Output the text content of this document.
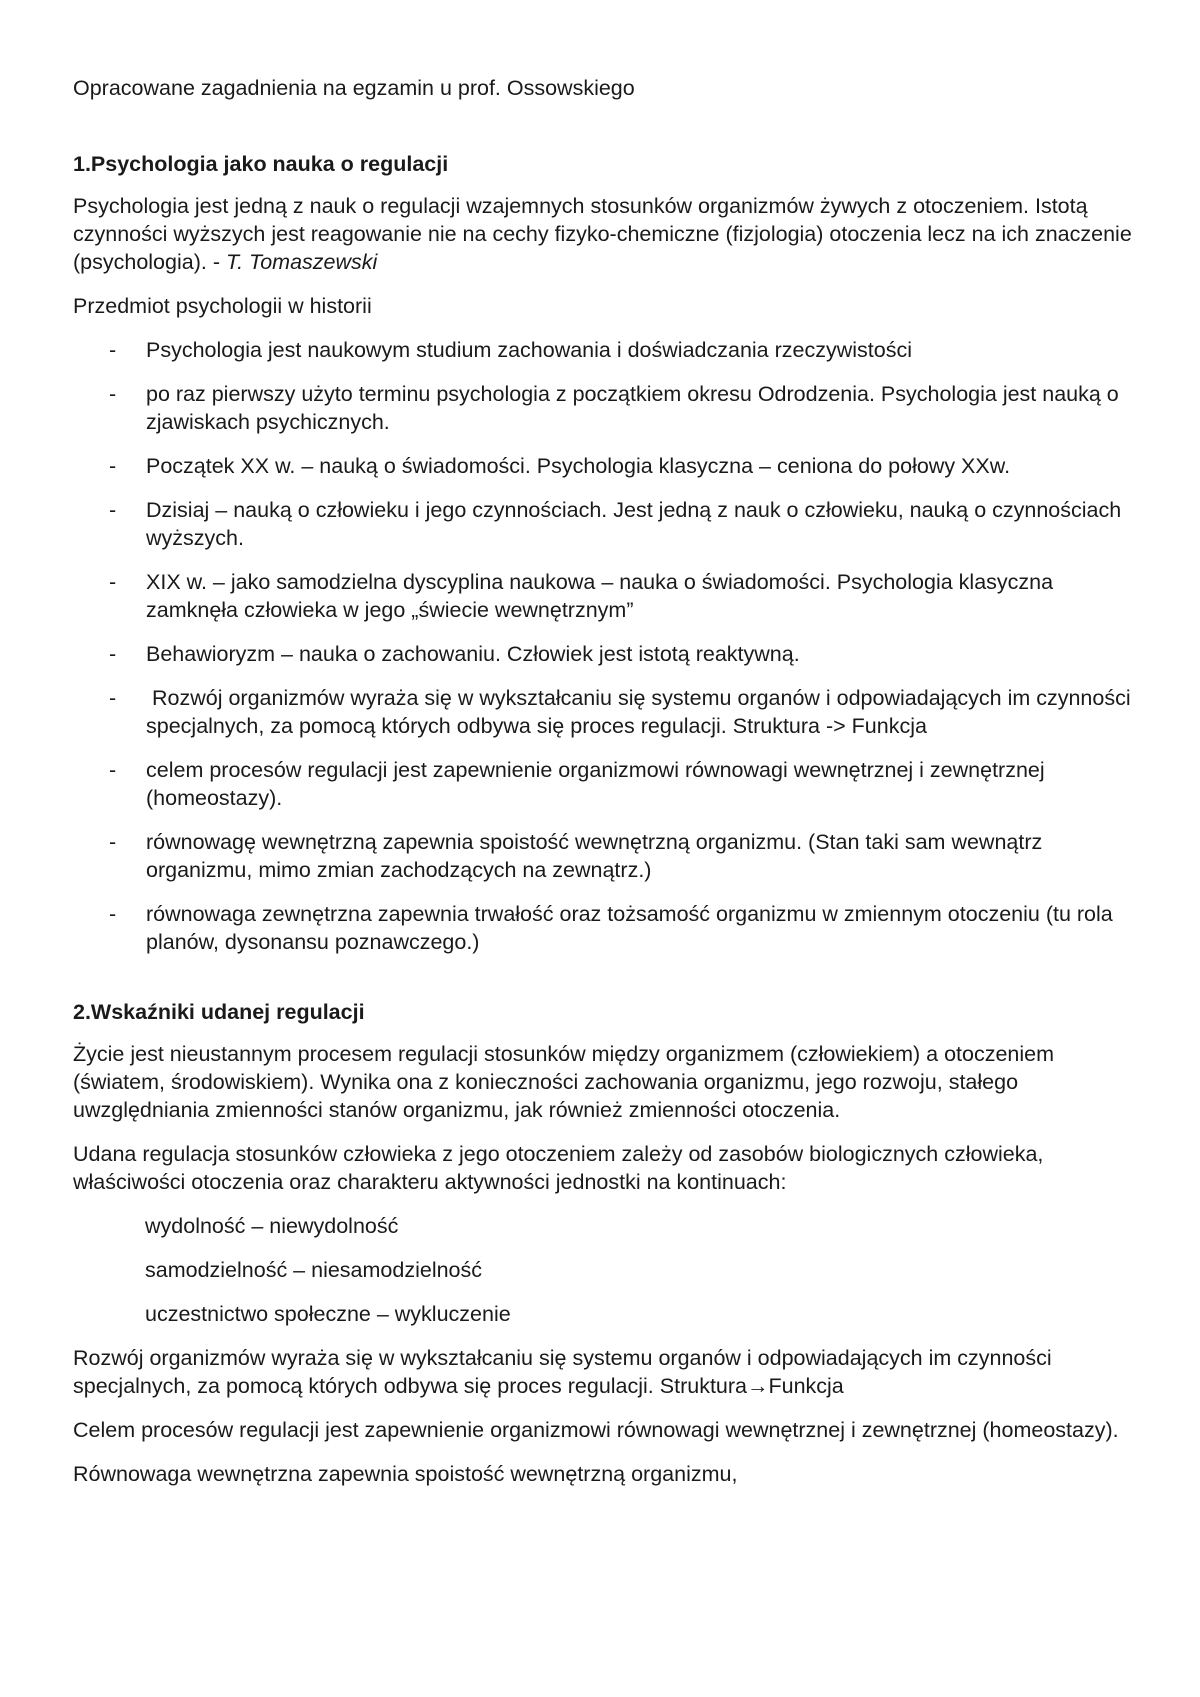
Opracowane zagadnienia na egzamin u prof. Ossowskiego

1.Psychologia jako nauka o regulacji

Psychologia jest jedną z nauk o regulacji wzajemnych stosunków organizmów żywych z otoczeniem. Istotą czynności wyższych jest reagowanie nie na cechy fizyko-chemiczne (fizjologia) otoczenia lecz na ich znaczenie (psychologia). - T. Tomaszewski

Przedmiot psychologii w historii

- Psychologia jest naukowym studium zachowania i doświadczania rzeczywistości
- po raz pierwszy użyto terminu psychologia z początkiem okresu Odrodzenia. Psychologia jest nauką o zjawiskach psychicznych.
- Początek XX w. – nauką o świadomości. Psychologia klasyczna – ceniona do połowy XXw.
- Dzisiaj – nauką o człowieku i jego czynnościach. Jest jedną z nauk o człowieku, nauką o czynnościach wyższych.
- XIX w. – jako samodzielna dyscyplina naukowa – nauka o świadomości. Psychologia klasyczna zamknęła człowieka w jego „świecie wewnętrznym”
- Behawioryzm – nauka o zachowaniu. Człowiek jest istotą reaktywną.
- Rozwój organizmów wyraża się w wykształcaniu się systemu organów i odpowiadających im czynności specjalnych, za pomocą których odbywa się proces regulacji. Struktura -> Funkcja
- celem procesów regulacji jest zapewnienie organizmowi równowagi wewnętrznej i zewnętrznej (homeostazy).
- równowagę wewnętrzną zapewnia spoistość wewnętrzną organizmu. (Stan taki sam wewnątrz organizmu, mimo zmian zachodzących na zewnątrz.)
- równowaga zewnętrzna zapewnia trwałość oraz tożsamość organizmu w zmiennym otoczeniu (tu rola planów, dysonansu poznawczego.)

2.Wskaźniki udanej regulacji

Życie jest nieustannym procesem regulacji stosunków między organizmem (człowiekiem) a otoczeniem (światem, środowiskiem). Wynika ona z konieczności zachowania organizmu, jego rozwoju, stałego uwzględniania zmienności stanów organizmu, jak również zmienności otoczenia.

Udana regulacja stosunków człowieka z jego otoczeniem zależy od zasobów biologicznych człowieka, właściwości otoczenia oraz charakteru aktywności jednostki na kontinuach:

wydolność – niewydolność

samodzielność – niesamodzielność

uczestnictwo społeczne – wykluczenie

Rozwój organizmów wyraża się w wykształcaniu się systemu organów i odpowiadających im czynności specjalnych, za pomocą których odbywa się proces regulacji. Struktura→Funkcja

Celem procesów regulacji jest zapewnienie organizmowi równowagi wewnętrznej i zewnętrznej (homeostazy).

Równowaga wewnętrzna zapewnia spoistość wewnętrzną organizmu,
